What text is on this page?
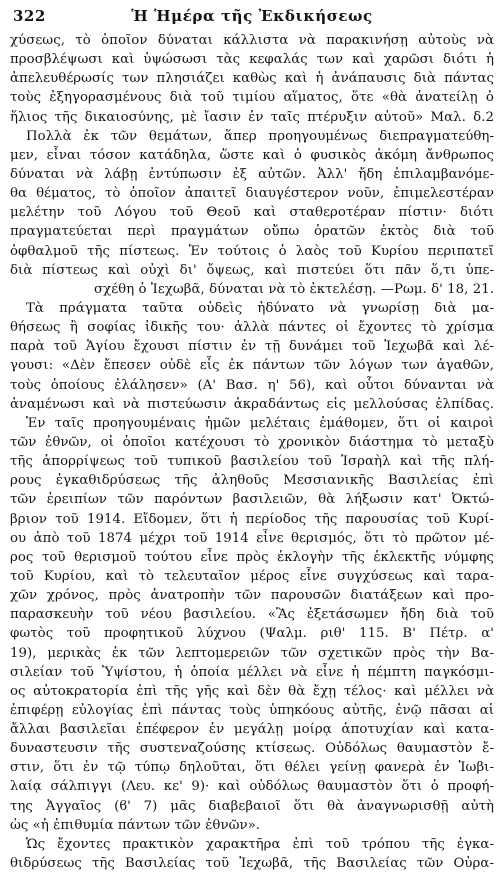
322	Ἡ Ἡμέρα τῆς Ἐκδικήσεως
χύσεως, τὸ ὁποῖον δύναται κάλλιστα νὰ παρακινήσῃ αὐτοὺς νὰ
προσβλέψωσι καὶ ὑψώσωσι τὰς κεφαλάς των καὶ χαρῶσι διότι ἡ
ἀπελευθέρωσίς των πλησιάζει καθὼς καὶ ἡ ἀνάπαυσις διὰ πάντας
τοὺς ἐξηγορασμένους διὰ τοῦ τιμίου αἵματος, ὅτε «θὰ ἀνατείλῃ ὁ
ἥλιος τῆς δικαιοσύνης, μὲ ἴασιν ἐν ταῖς πτέρυξιν αὐτοῦ» Μαλ. δ.2
Πολλὰ ἐκ τῶν θεμάτων, ἅπερ προηγουμένως διεπραγματεύθη-
μεν, εἶναι τόσον κατάδηλα, ὥστε καὶ ὁ φυσικὸς ἀκόμη ἄνθρωπος
δύναται νὰ λάβῃ ἐντύπωσιν ἐξ αὐτῶν. Ἀλλ' ἤδη ἐπιλαμβανόμε-
θα θέματος, τὸ ὁποῖον ἀπαιτεῖ διαυγέστερον νοῦν, ἐπιμελεστέραν
μελέτην τοῦ Λόγου τοῦ Θεοῦ καὶ σταθεροτέραν πίστιν· διότι
πραγματεύεται περὶ πραγμάτων οὔπω ὁρατῶν ἐκτὸς διὰ τοῦ
ὀφθαλμοῦ τῆς πίστεως. Ἐν τούτοις ὁ λαὸς τοῦ Κυρίου περιπατεῖ
διὰ πίστεως καὶ οὐχὶ δι' ὄψεως, καὶ πιστεύει ὅτι πᾶν ὅ,τι ὑπε-
σχέθη ὁ Ἰεχωβᾶ, δύναται νὰ τὸ ἐκτελέσῃ. —Ρωμ. δ' 18, 21.
Τὰ πράγματα ταῦτα οὐδεὶς ἠδύνατο νὰ γνωρίσῃ διὰ μα-
θήσεως ἢ σοφίας ἰδικῆς του· ἀλλὰ πάντες οἱ ἔχοντες τὸ χρίσμα
παρὰ τοῦ Ἁγίου ἔχουσι πίστιν ἐν τῇ δυνάμει τοῦ Ἰεχωβᾶ καὶ λέ-
γουσι: «Δὲν ἔπεσεν οὐδὲ εἷς ἐκ πάντων τῶν λόγων των ἀγαθῶν,
τοὺς ὁποίους ἐλάλησεν» (Α' Βασ. η' 56), καὶ οὗτοι δύνανται νὰ
ἀναμένωσι καὶ νὰ πιστεύωσιν ἀκραδάντως εἰς μελλούσας ἐλπίδας.
Ἐν ταῖς προηγουμέναις ἡμῶν μελέταις ἐμάθομεν, ὅτι οἱ καιροὶ
τῶν ἐθνῶν, οἱ ὁποῖοι κατέχουσι τὸ χρονικὸν διάστημα τὸ μεταξὺ
τῆς ἀπορρίψεως τοῦ τυπικοῦ βασιλείου τοῦ Ἰσραὴλ καὶ τῆς πλή-
ρους ἐγκαθιδρύσεως τῆς ἀληθοῦς Μεσσιανικῆς Βασιλείας ἐπὶ
τῶν ἐρειπίων τῶν παρόντων βασιλειῶν, θὰ λήξωσιν κατ' Ὀκτώ-
βριον τοῦ 1914. Εἴδομεν, ὅτι ἡ περίοδος τῆς παρουσίας τοῦ Κυρί-
ου ἀπὸ τοῦ 1874 μέχρι τοῦ 1914 εἶνε θερισμός, ὅτι τὸ πρῶτον μέ-
ρος τοῦ θερισμοῦ τούτου εἶνε πρὸς ἐκλογὴν τῆς ἐκλεκτῆς νύμφης
τοῦ Κυρίου, καὶ τὸ τελευταῖον μέρος εἶνε συγχύσεως καὶ ταρα-
χῶν χρόνος, πρὸς ἀνατροπὴν τῶν παρουσῶν διατάξεων καὶ προ-
παρασκευὴν τοῦ νέου βασιλείου. «Ἂς ἐξετάσωμεν ἤδη διὰ τοῦ
φωτὸς τοῦ προφητικοῦ λύχνου (Ψαλμ. ριθ' 115. Β' Πέτρ. α'
19), μερικὰς ἐκ τῶν λεπτομερειῶν τῶν σχετικῶν πρὸς τὴν Βα-
σιλείαν τοῦ Ὑψίστου, ἡ ὁποία μέλλει νὰ εἶνε ἡ πέμπτη παγκόσμι-
ος αὐτοκρατορία ἐπὶ τῆς γῆς καὶ δὲν θὰ ἔχῃ τέλος· καὶ μέλλει νὰ
ἐπιφέρῃ εὐλογίας ἐπὶ πάντας τοὺς ὑπηκόους αὐτῆς, ἐνῷ πᾶσαι αἱ
ἄλλαι βασιλεῖαι ἐπέφερον ἐν μεγάλῃ μοίρᾳ ἀποτυχίαν καὶ κατα-
δυναστευσιν τῆς συστεναζούσης κτίσεως. Οὐδόλως θαυμαστὸν ἔ-
στιν, ὅτι ἐν τῷ τύπῳ δηλοῦται, ὅτι θέλει γείνῃ φανερὰ ἐν Ἰωβι-
λαίᾳ σάλπιγγι (Λευ. κε' 9)· καὶ οὐδόλως θαυμαστὸν ὅτι ὁ προφή-
της Ἀγγαῖος (ϐ' 7) μᾶς διαβεβαιοῖ ὅτι θὰ ἀναγνωρισθῇ αὐτὴ
ὡς «ἡ ἐπιθυμία πάντων τῶν ἐθνῶν».
Ὡς ἔχοντες πρακτικὸν χαρακτῆρα ἐπὶ τοῦ τρόπου τῆς ἐγκα-
θιδρύσεως τῆς Βασιλείας τοῦ Ἰεχωβᾶ, τῆς Βασιλείας τῶν Οὐρα-
